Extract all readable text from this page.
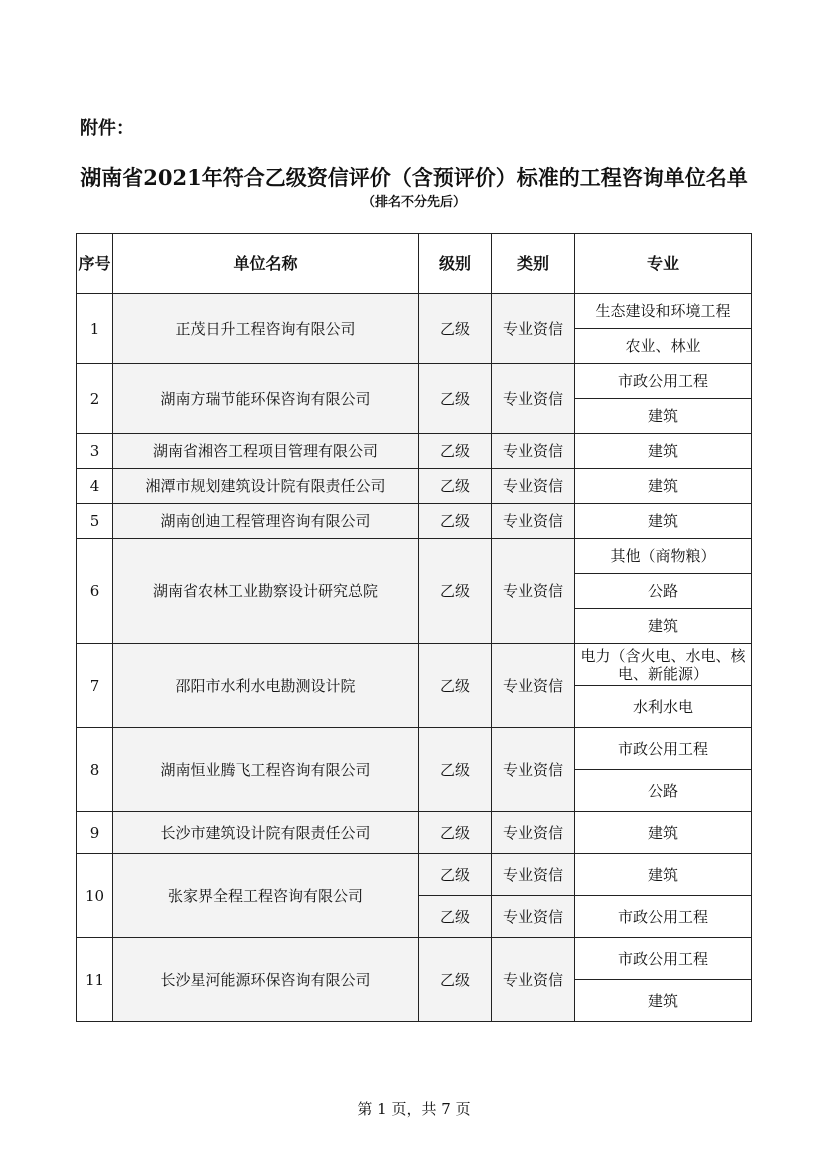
附件：
湖南省2021年符合乙级资信评价（含预评价）标准的工程咨询单位名单
（排名不分先后）
序号	单位名称	级别	类别	专业
1	正茂日升工程咨询有限公司	乙级	专业资信	生态建设和环境工程
				农业、林业
2	湖南方瑞节能环保咨询有限公司	乙级	专业资信	市政公用工程
				建筑
3	湖南省湘咨工程项目管理有限公司	乙级	专业资信	建筑
4	湘潭市规划建筑设计院有限责任公司	乙级	专业资信	建筑
5	湖南创迪工程管理咨询有限公司	乙级	专业资信	建筑
6	湖南省农林工业勘察设计研究总院	乙级	专业资信	其他（商物粮）
				公路
				建筑
7	邵阳市水利水电勘测设计院	乙级	专业资信	电力（含火电、水电、核电、新能源）
				水利水电
8	湖南恒业腾飞工程咨询有限公司	乙级	专业资信	市政公用工程
				公路
9	长沙市建筑设计院有限责任公司	乙级	专业资信	建筑
10	张家界全程工程咨询有限公司	乙级	专业资信	建筑
		乙级	专业资信	市政公用工程
11	长沙星河能源环保咨询有限公司	乙级	专业资信	市政公用工程
				建筑
第 1 页，共 7 页
